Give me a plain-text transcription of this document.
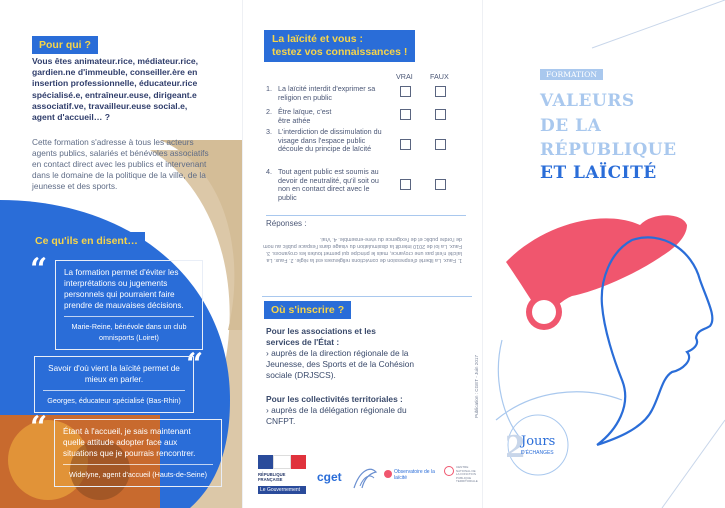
Pour qui ?
Vous êtes animateur.rice, médiateur.rice, gardien.ne d'immeuble, conseiller.ère en insertion professionnelle, éducateur.rice spécialisé.e, entraîneur.euse, dirigeant.e associatif.ve, travailleur.euse social.e, agent d'accueil… ?
Cette formation s'adresse à tous les acteurs agents publics, salariés et bénévoles associatifs en contact direct avec les publics et intervenant dans le domaine de la politique de la ville, de la jeunesse et des sports.
Ce qu'ils en disent…
“ La formation permet d'éviter les interprétations ou jugements personnels qui pourraient faire prendre de mauvaises décisions.
Marie-Reine, bénévole dans un club omnisports (Loiret)
“
Savoir d'où vient la laïcité permet de mieux en parler.
Georges, éducateur spécialisé (Bas-Rhin)
“ Étant à l'accueil, je sais maintenant quelle attitude adopter face aux situations que je pourrais rencontrer.
Widelyne, agent d'accueil (Hauts-de-Seine)
La laïcité et vous :
testez vos connaissances !
VRAI FAUX
1. La laïcité interdit d'exprimer sa religion en public
2. Être laïque, c'est être athée
3. L'interdiction de dissimulation du visage dans l'espace public découle du principe de laïcité
4. Tout agent public est soumis au devoir de neutralité, qu'il soit ou non en contact direct avec le public
Réponses :
1. Faux. La liberté d'expression de convictions religieuses est la règle. 2. Faux. La laïcité n'est pas une croyance, mais le principe qui permet toutes les croyances. 3. Faux. La loi de 2010 interdit la dissimulation du visage dans l'espace public au nom de l'ordre public et de l'exigence du vivre-ensemble. 4. Vrai.
Où s'inscrire ?
Pour les associations et les services de l'État :
› auprès de la direction régionale de la Jeunesse, des Sports et de la Cohésion sociale (DRJSCS).
Pour les collectivités territoriales :
› auprès de la délégation régionale du CNFPT.
Publication : CGET - Juin 2017
RÉPUBLIQUE FRANÇAISE
Le Gouvernement
cget	Observatoire de la laïcité
CENTRE NATIONAL DE LA FONCTION PUBLIQUE TERRITORIALE
FORMATION
VALEURS
DE LA
RÉPUBLIQUE
ET LAÏCITÉ
2
Jours
D'ÉCHANGES
